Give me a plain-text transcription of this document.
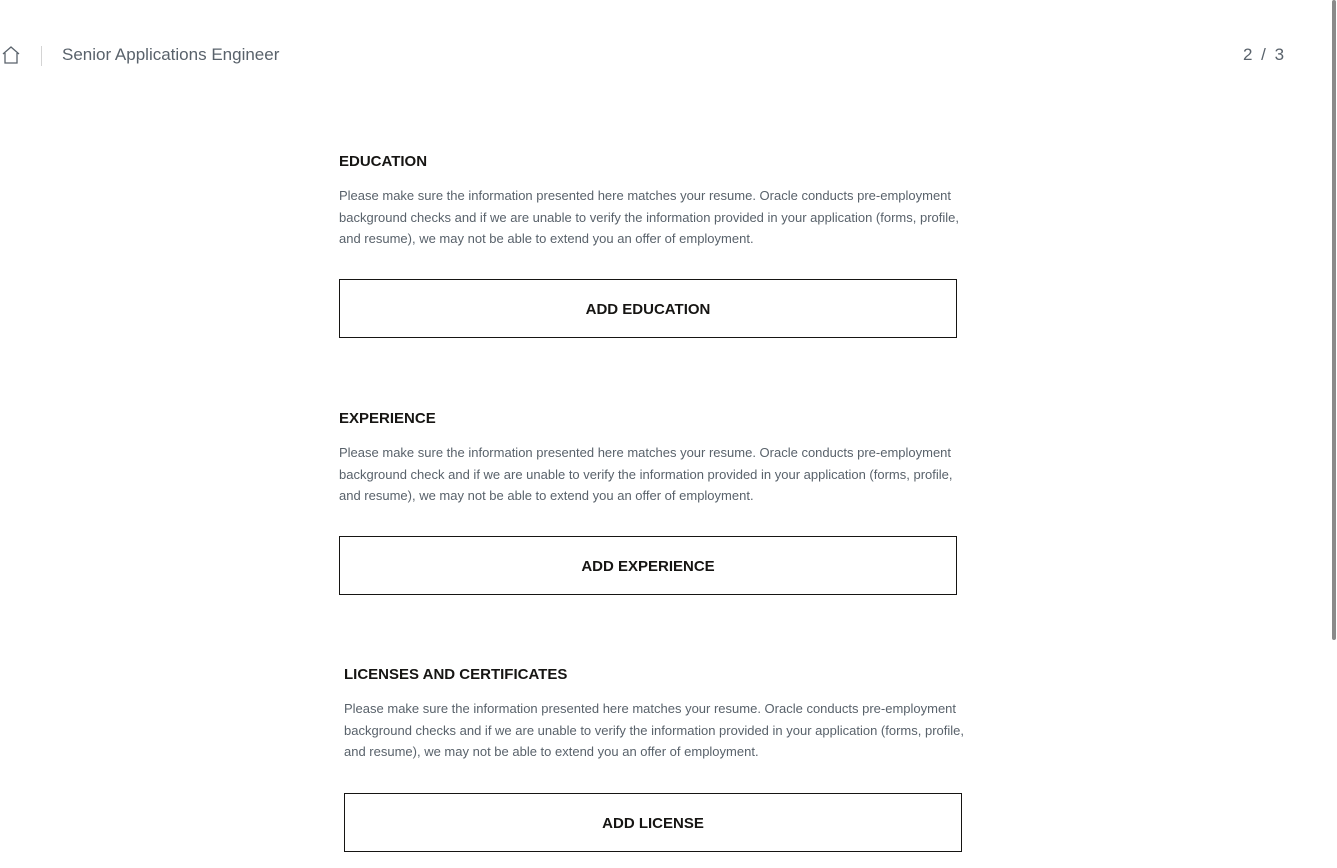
Senior Applications Engineer	2 / 3
EDUCATION

Please make sure the information presented here matches your resume. Oracle conducts pre-employment background checks and if we are unable to verify the information provided in your application (forms, profile, and resume), we may not be able to extend you an offer of employment.

ADD EDUCATION
EXPERIENCE

Please make sure the information presented here matches your resume. Oracle conducts pre-employment background check and if we are unable to verify the information provided in your application (forms, profile, and resume), we may not be able to extend you an offer of employment.

ADD EXPERIENCE
LICENSES AND CERTIFICATES

Please make sure the information presented here matches your resume. Oracle conducts pre-employment background checks and if we are unable to verify the information provided in your application (forms, profile, and resume), we may not be able to extend you an offer of employment.

ADD LICENSE
